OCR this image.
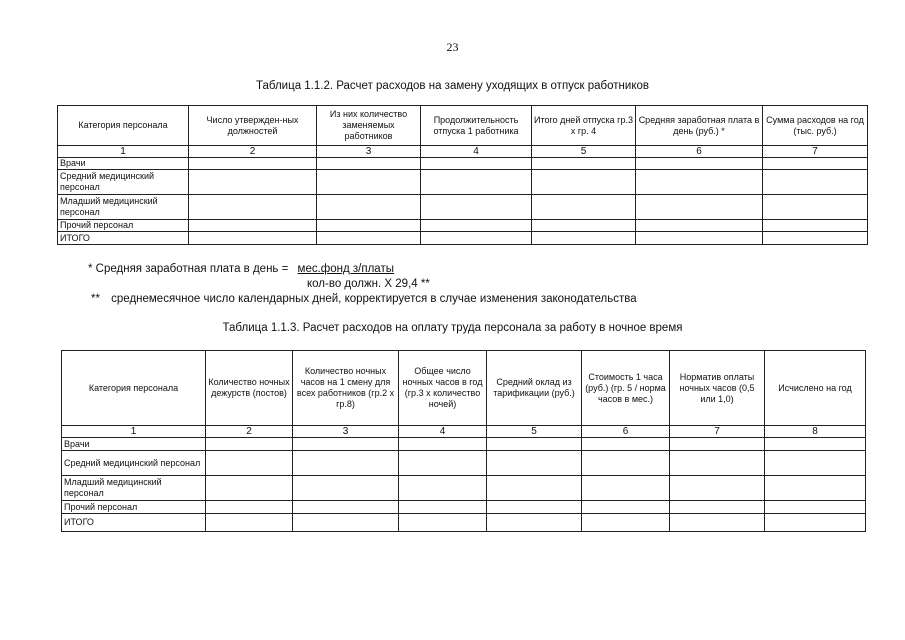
23
Таблица 1.1.2. Расчет расходов на замену уходящих в отпуск работников
Категория персонала	Число утвержден-ных должностей	Из них количество заменяемых работников	Продолжительность отпуска 1 работника	Итого дней отпуска гр.3 х гр. 4	Средняя заработная плата в день (руб.) *	Сумма расходов на год (тыс. руб.)
1	2	3	4	5	6	7
Врачи						
Средний медицинский персонал						
Младший медицинский персонал						
Прочий персонал						
ИТОГО						
* Средняя заработная плата в день = мес.фонд з/платы
кол-во должн. Х 29,4 **
** среднемесячное число календарных дней, корректируется в случае изменения законодательства
Таблица 1.1.3. Расчет расходов на оплату труда персонала за работу в ночное время
Категория персонала	Количество ночных дежурств (постов)	Количество ночных часов на 1 смену для всех работников (гр.2 х гр.8)	Общее число ночных часов в год (гр.3 х количество ночей)	Средний оклад из тарификации (руб.)	Стоимость 1 часа (руб.) (гр. 5 / норма часов в мес.)	Норматив оплаты ночных часов (0,5 или 1,0)	Исчислено на год
1	2	3	4	5	6	7	8
Врачи							
Средний медицинский персонал							
Младший медицинский персонал							
Прочий персонал							
ИТОГО							
